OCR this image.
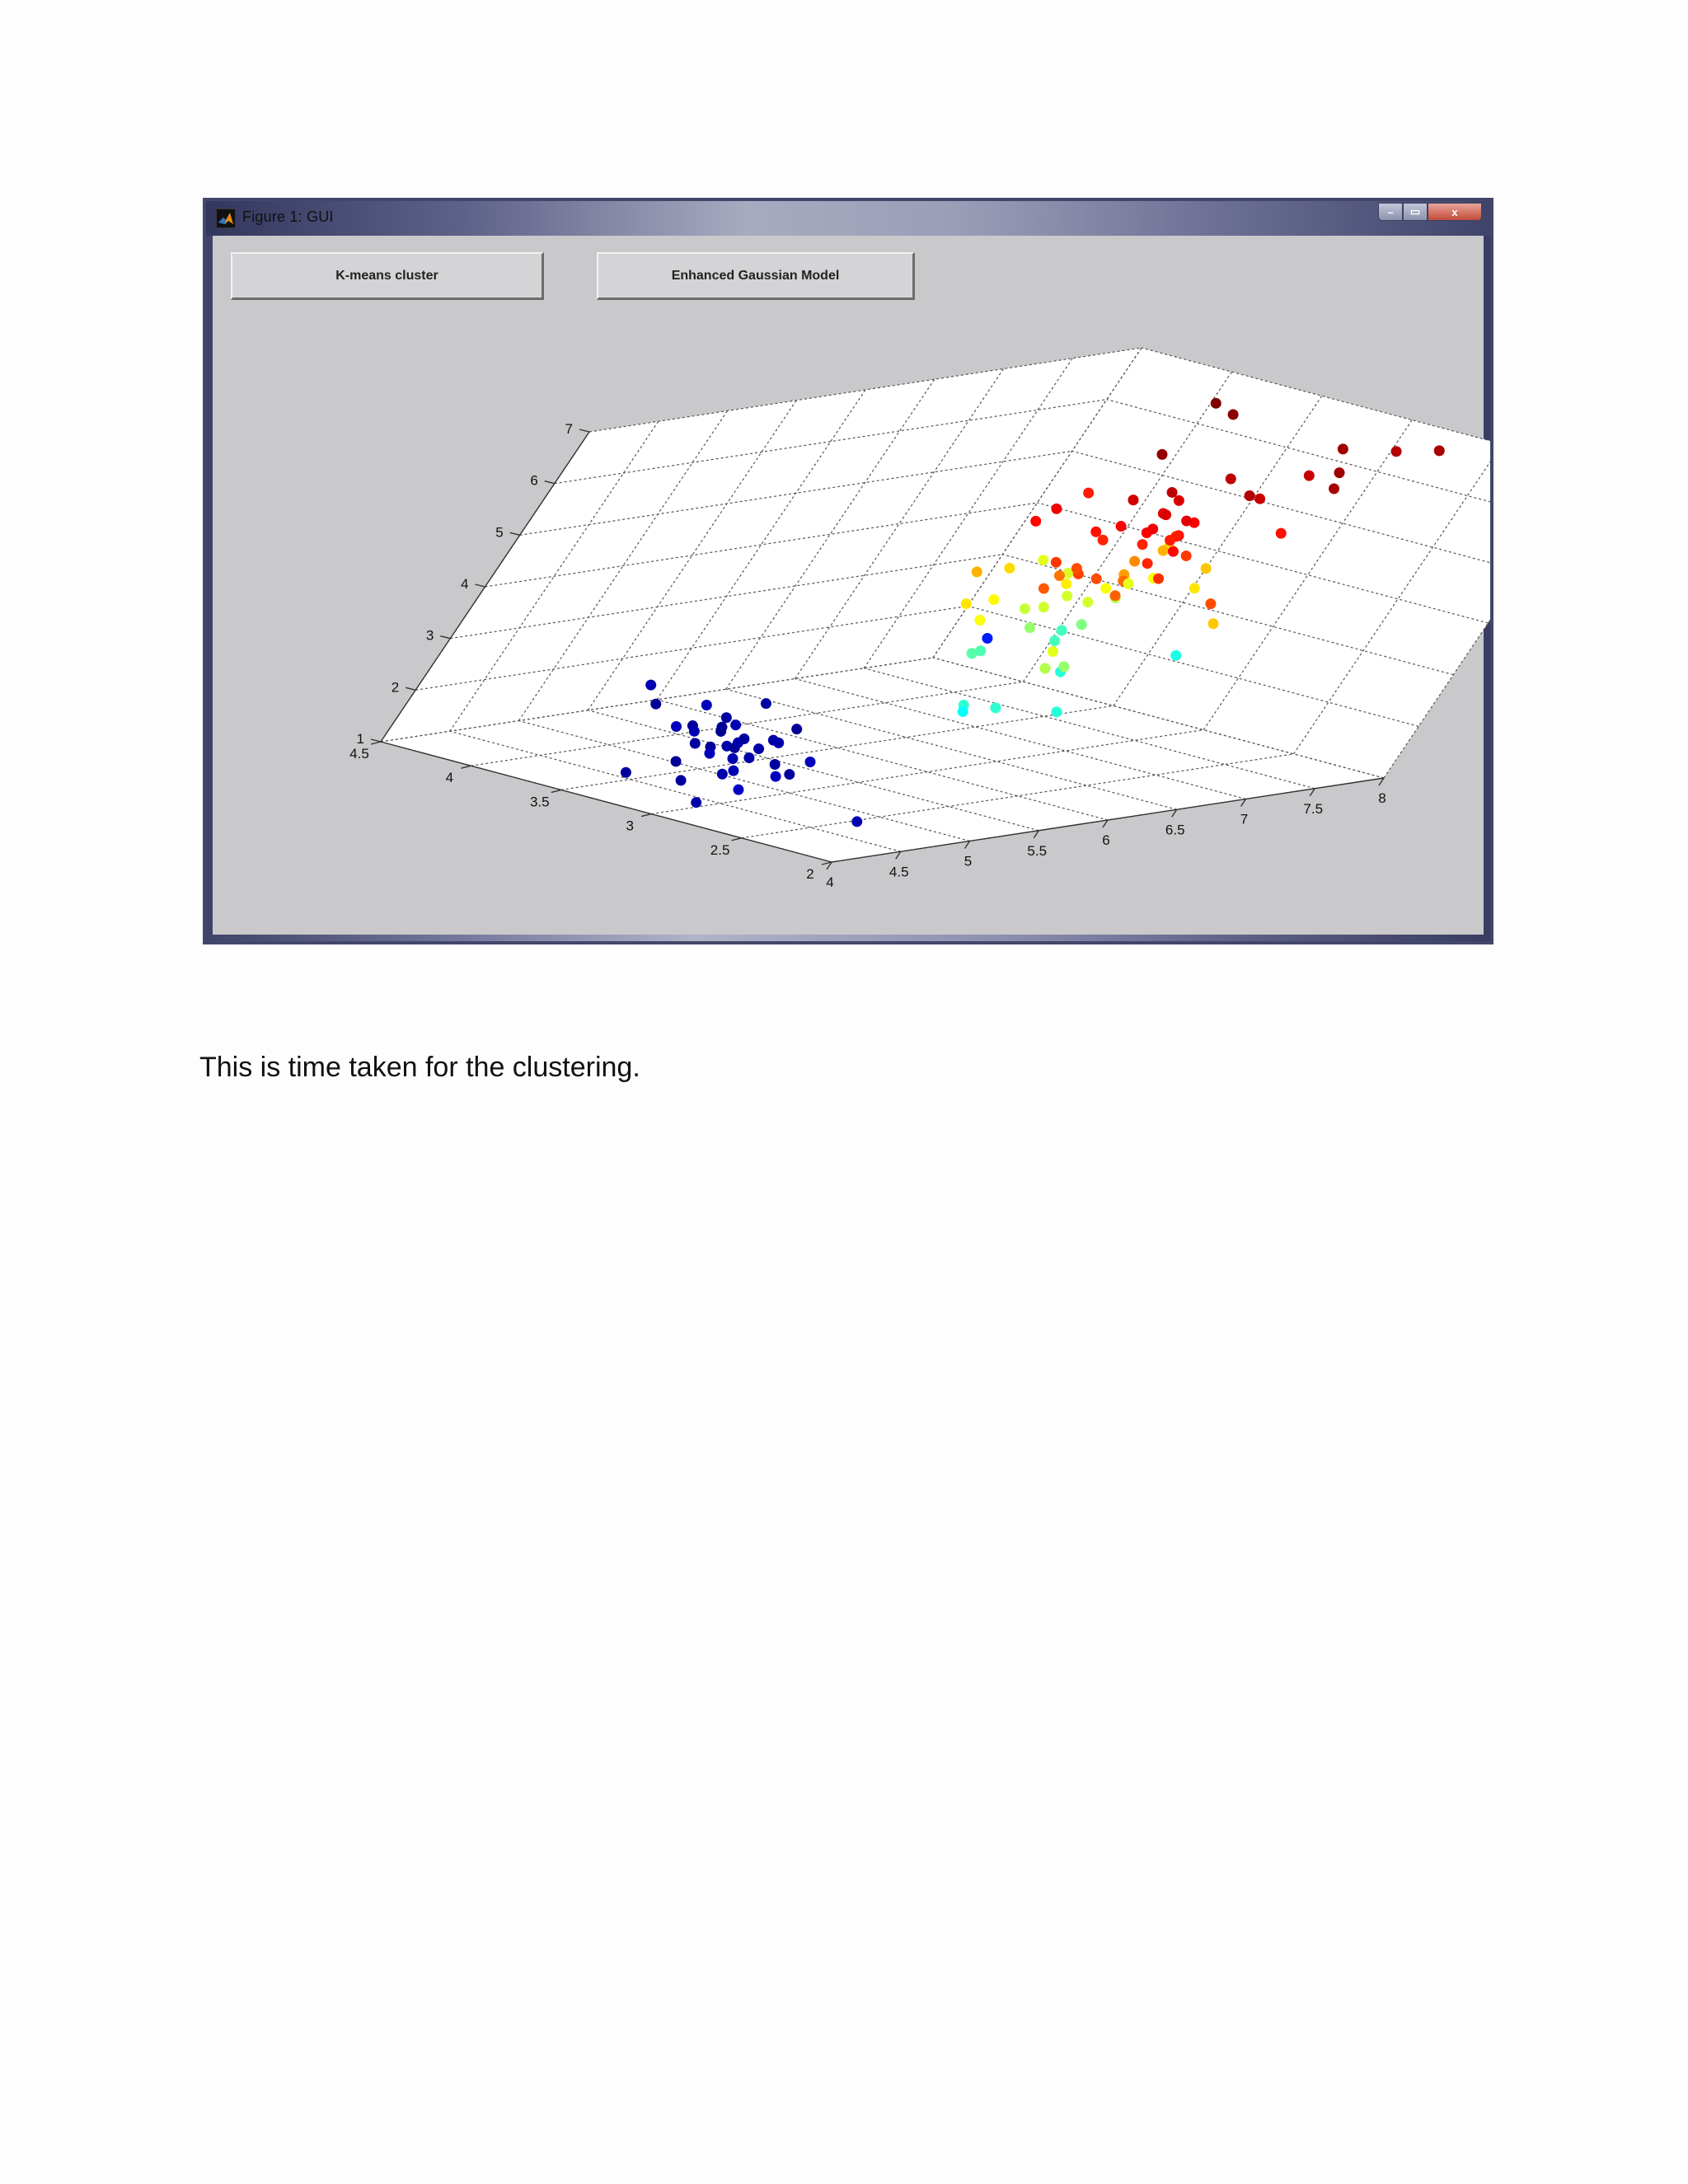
Figure 1: GUI	– ▭	x
4
4.5
5
5.5
6
6.5
7
7.5
8
2
2.5
3
3.5
4
4.5
1
2
3
4
5
6
7
K-means cluster	Enhanced Gaussian Model
This is time taken for the clustering.
